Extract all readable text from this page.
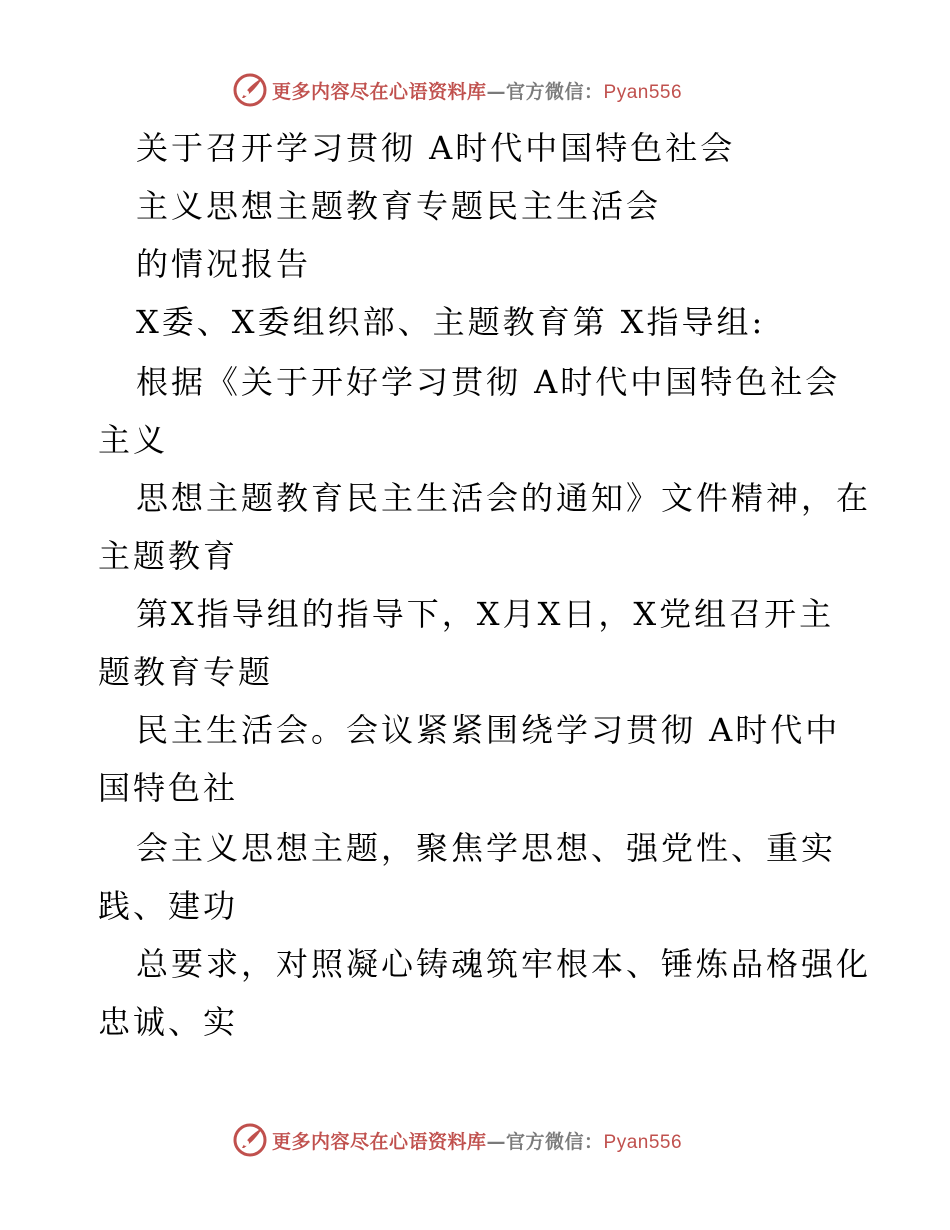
更多内容尽在心语资料库—官方微信：Pyan556
关于召开学习贯彻 A时代中国特色社会
主义思想主题教育专题民主生活会
的情况报告
X委、X委组织部、主题教育第 X指导组:
根据《关于开好学习贯彻 A时代中国特色社会
主义
思想主题教育民主生活会的通知》文件精神，在
主题教育
第X指导组的指导下，X月X日，X党组召开主
题教育专题
民主生活会。会议紧紧围绕学习贯彻 A时代中
国特色社
会主义思想主题，聚焦学思想、强党性、重实
践、建功
总要求，对照凝心铸魂筑牢根本、锤炼品格强化
忠诚、实
更多内容尽在心语资料库—官方微信：Pyan556
